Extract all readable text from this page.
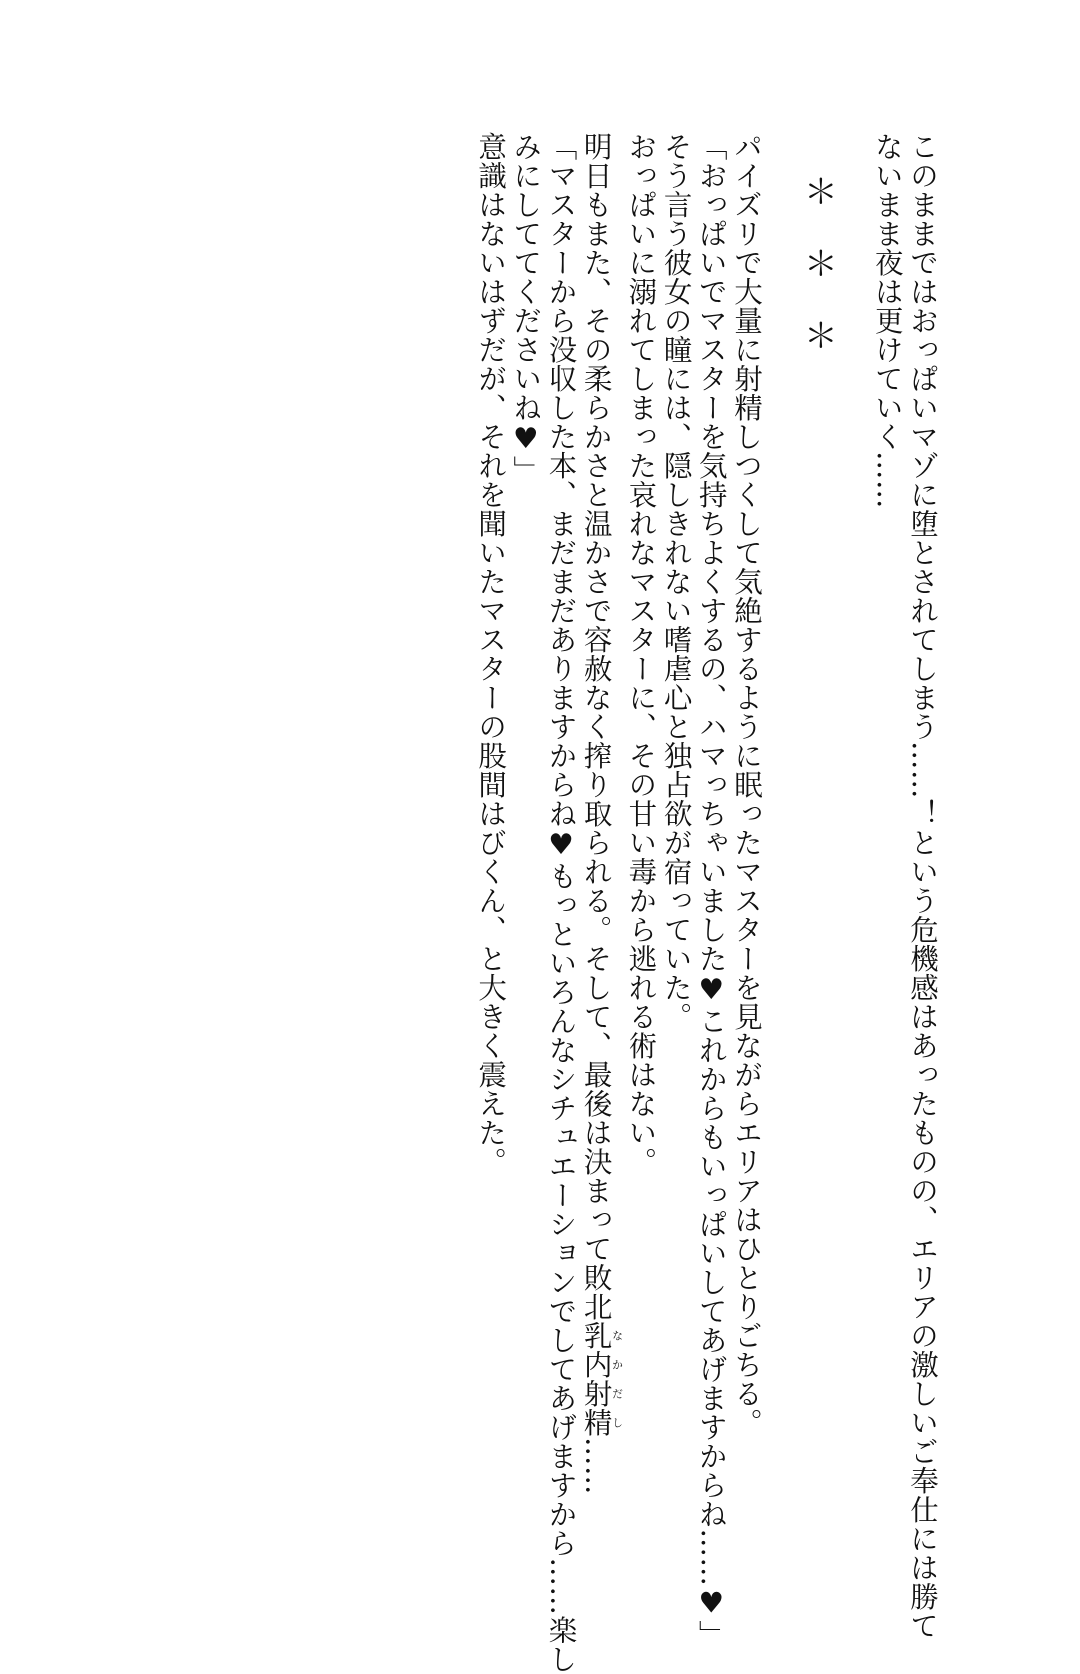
このままではおっぱいマゾに堕とされてしまう……！という危機感はあったものの、エリアの激しいご奉仕には勝て
ないまま夜は更けていく……

＊＊＊

パイズリで大量に射精しつくして気絶するように眠ったマスターを見ながらエリアはひとりごちる。
「おっぱいでマスターを気持ちよくするの、ハマっちゃいました♥これからもいっぱいしてあげますからね……♥」
そう言う彼女の瞳には、隠しきれない嗜虐心と独占欲が宿っていた。
おっぱいに溺れてしまった哀れなマスターに、その甘い毒から逃れる術はない。
明日もまた、その柔らかさと温かさで容赦なく搾り取られる。そして、最後は決まって敗北乳内射精なかだし……
「マスターから没収した本、まだまだありますからね♥もっといろんなシチュエーションでしてあげますから……楽し
みにしててくださいね♥」
意識はないはずだが、それを聞いたマスターの股間はびくん、と大きく震えた。
